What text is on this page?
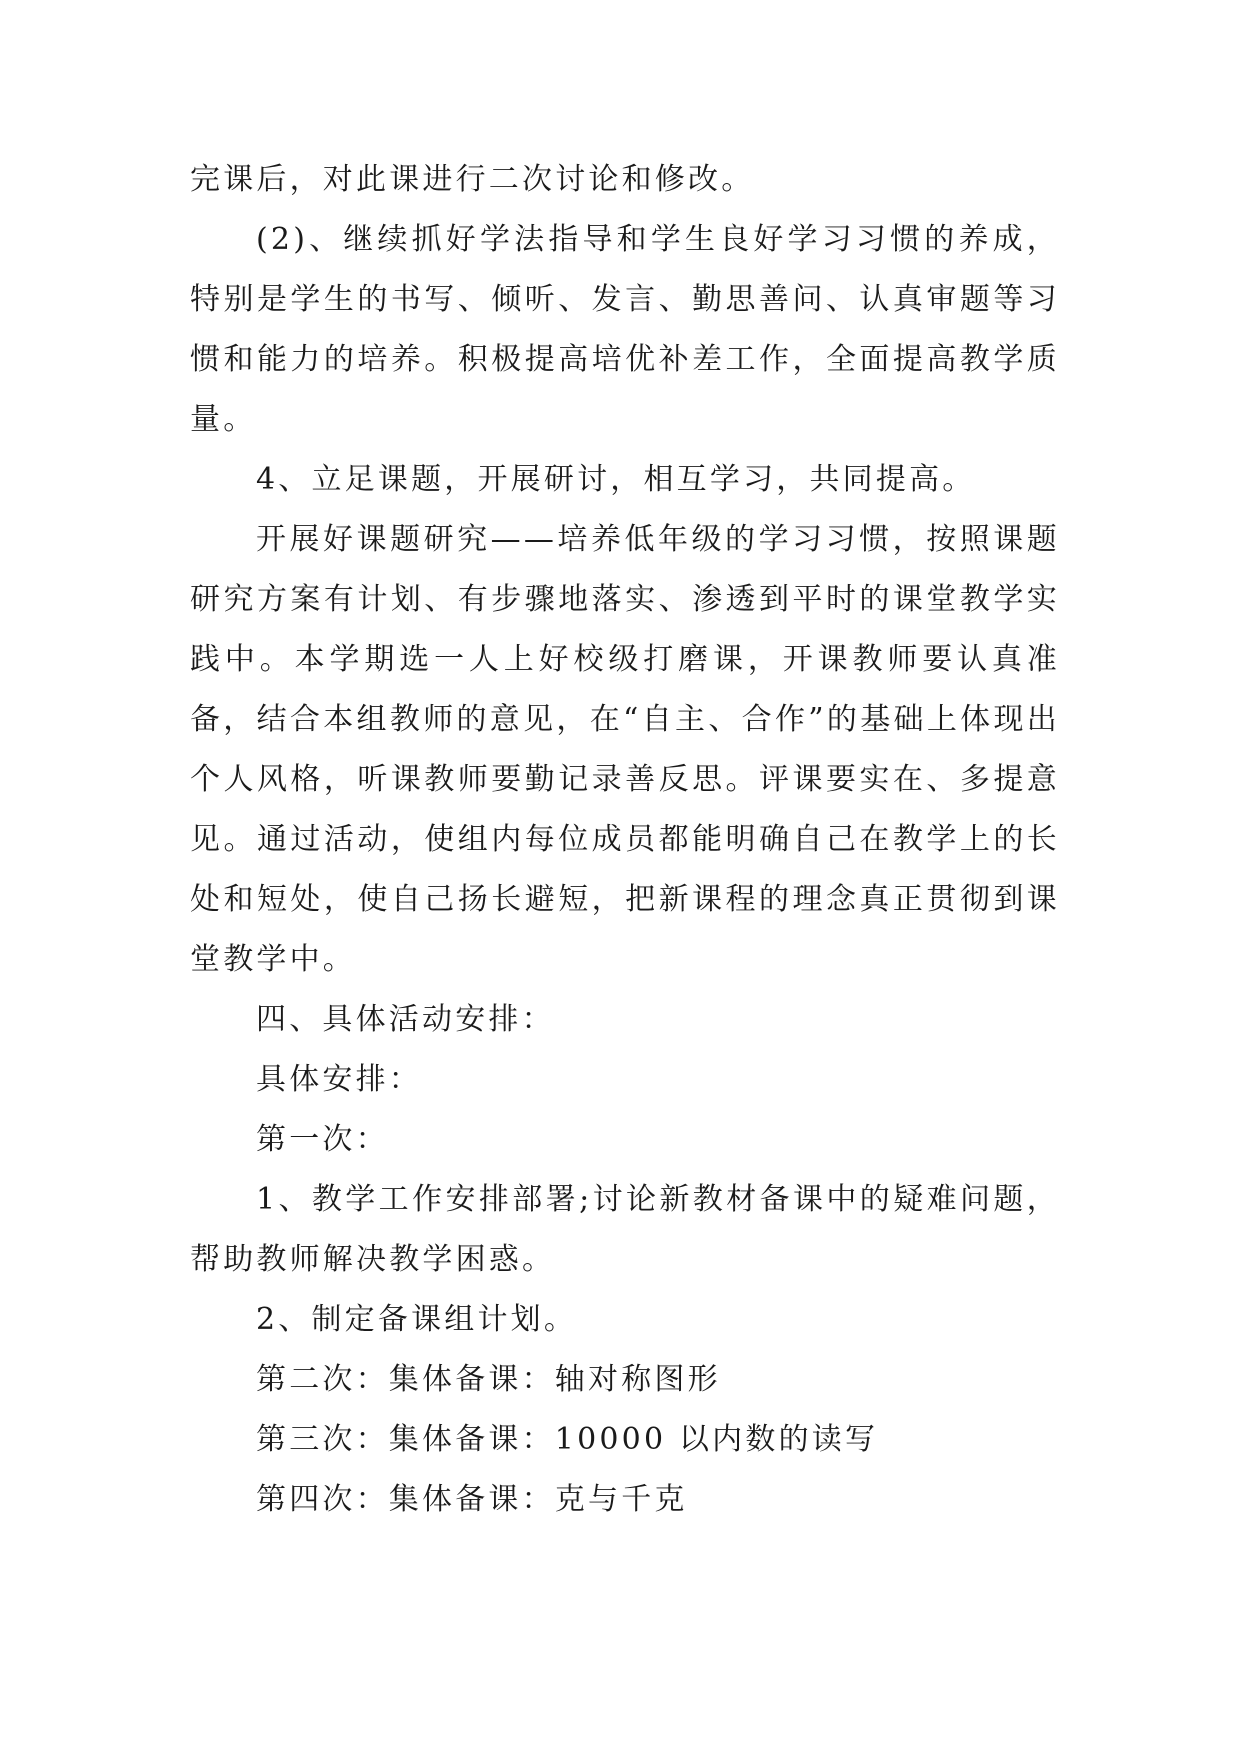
完课后，对此课进行二次讨论和修改。

(2)、继续抓好学法指导和学生良好学习习惯的养成，特别是学生的书写、倾听、发言、勤思善问、认真审题等习惯和能力的培养。积极提高培优补差工作，全面提高教学质量。

4、立足课题，开展研讨，相互学习，共同提高。

开展好课题研究——培养低年级的学习习惯，按照课题研究方案有计划、有步骤地落实、渗透到平时的课堂教学实践中。本学期选一人上好校级打磨课，开课教师要认真准备，结合本组教师的意见，在“自主、合作”的基础上体现出个人风格，听课教师要勤记录善反思。评课要实在、多提意见。通过活动，使组内每位成员都能明确自己在教学上的长处和短处，使自己扬长避短，把新课程的理念真正贯彻到课堂教学中。

四、具体活动安排：

具体安排：

第一次：

1、教学工作安排部署;讨论新教材备课中的疑难问题，帮助教师解决教学困惑。

2、制定备课组计划。

第二次：集体备课：轴对称图形

第三次：集体备课：10000 以内数的读写

第四次：集体备课：克与千克
